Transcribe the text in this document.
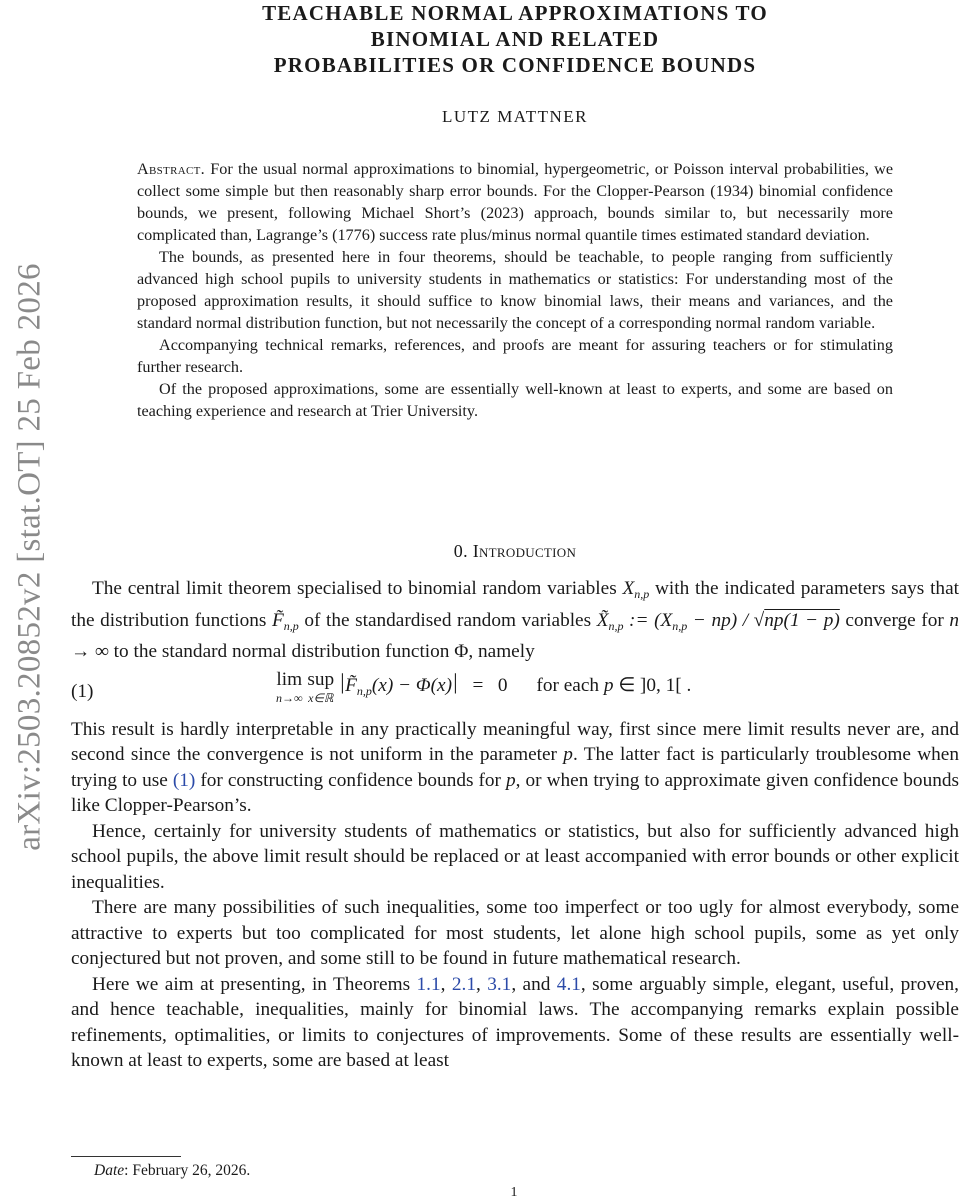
arXiv:2503.20852v2 [stat.OT] 25 Feb 2026
TEACHABLE NORMAL APPROXIMATIONS TO
BINOMIAL AND RELATED
PROBABILITIES OR CONFIDENCE BOUNDS
LUTZ MATTNER

Abstract. For the usual normal approximations to binomial, hypergeometric, or Poisson interval probabilities, we collect some simple but then reasonably sharp error bounds. For the Clopper-Pearson (1934) binomial confidence bounds, we present, following Michael Short’s (2023) approach, bounds similar to, but necessarily more complicated than, Lagrange’s (1776) success rate plus/minus normal quantile times estimated standard deviation.

The bounds, as presented here in four theorems, should be teachable, to people ranging from sufficiently advanced high school pupils to university students in mathematics or statistics: For understanding most of the proposed approximation results, it should suffice to know binomial laws, their means and variances, and the standard normal distribution function, but not necessarily the concept of a corresponding normal random variable.

Accompanying technical remarks, references, and proofs are meant for assuring teachers or for stimulating further research.

Of the proposed approximations, some are essentially well-known at least to experts, and some are based on teaching experience and research at Trier University.

0. Introduction

The central limit theorem specialised to binomial random variables $X_{n,p}$ with the indicated parameters says that the distribution functions $F̃_{n,p}$ of the standardised random variables $X̃_{n,p}$ := $(X_{n,p} - np) / √np(1 - p)$ converge for n → ∞ to the standard normal distribution function Φ, namely

(1)
lim
n→∞
sup
x∈ℝ
$|F̃_{n,p}(x) - \Phi(x)| = 0$      for each p ∈ ]0, 1[ .

This result is hardly interpretable in any practically meaningful way, first since mere limit results never are, and second since the convergence is not uniform in the parameter p. The latter fact is particularly troublesome when trying to use (1) for constructing confidence bounds for p, or when trying to approximate given confidence bounds like Clopper-Pearson’s.

Hence, certainly for university students of mathematics or statistics, but also for sufficiently advanced high school pupils, the above limit result should be replaced or at least accompanied with error bounds or other explicit inequalities.

There are many possibilities of such inequalities, some too imperfect or too ugly for almost everybody, some attractive to experts but too complicated for most students, let alone high school pupils, some as yet only conjectured but not proven, and some still to be found in future mathematical research.

Here we aim at presenting, in Theorems 1.1, 2.1, 3.1, and 4.1, some arguably simple, elegant, useful, proven, and hence teachable, inequalities, mainly for binomial laws. The accompanying remarks explain possible refinements, optimalities, or limits to conjectures of improvements. Some of these results are essentially well-known at least to experts, some are based at least

Date: February 26, 2026.
1
